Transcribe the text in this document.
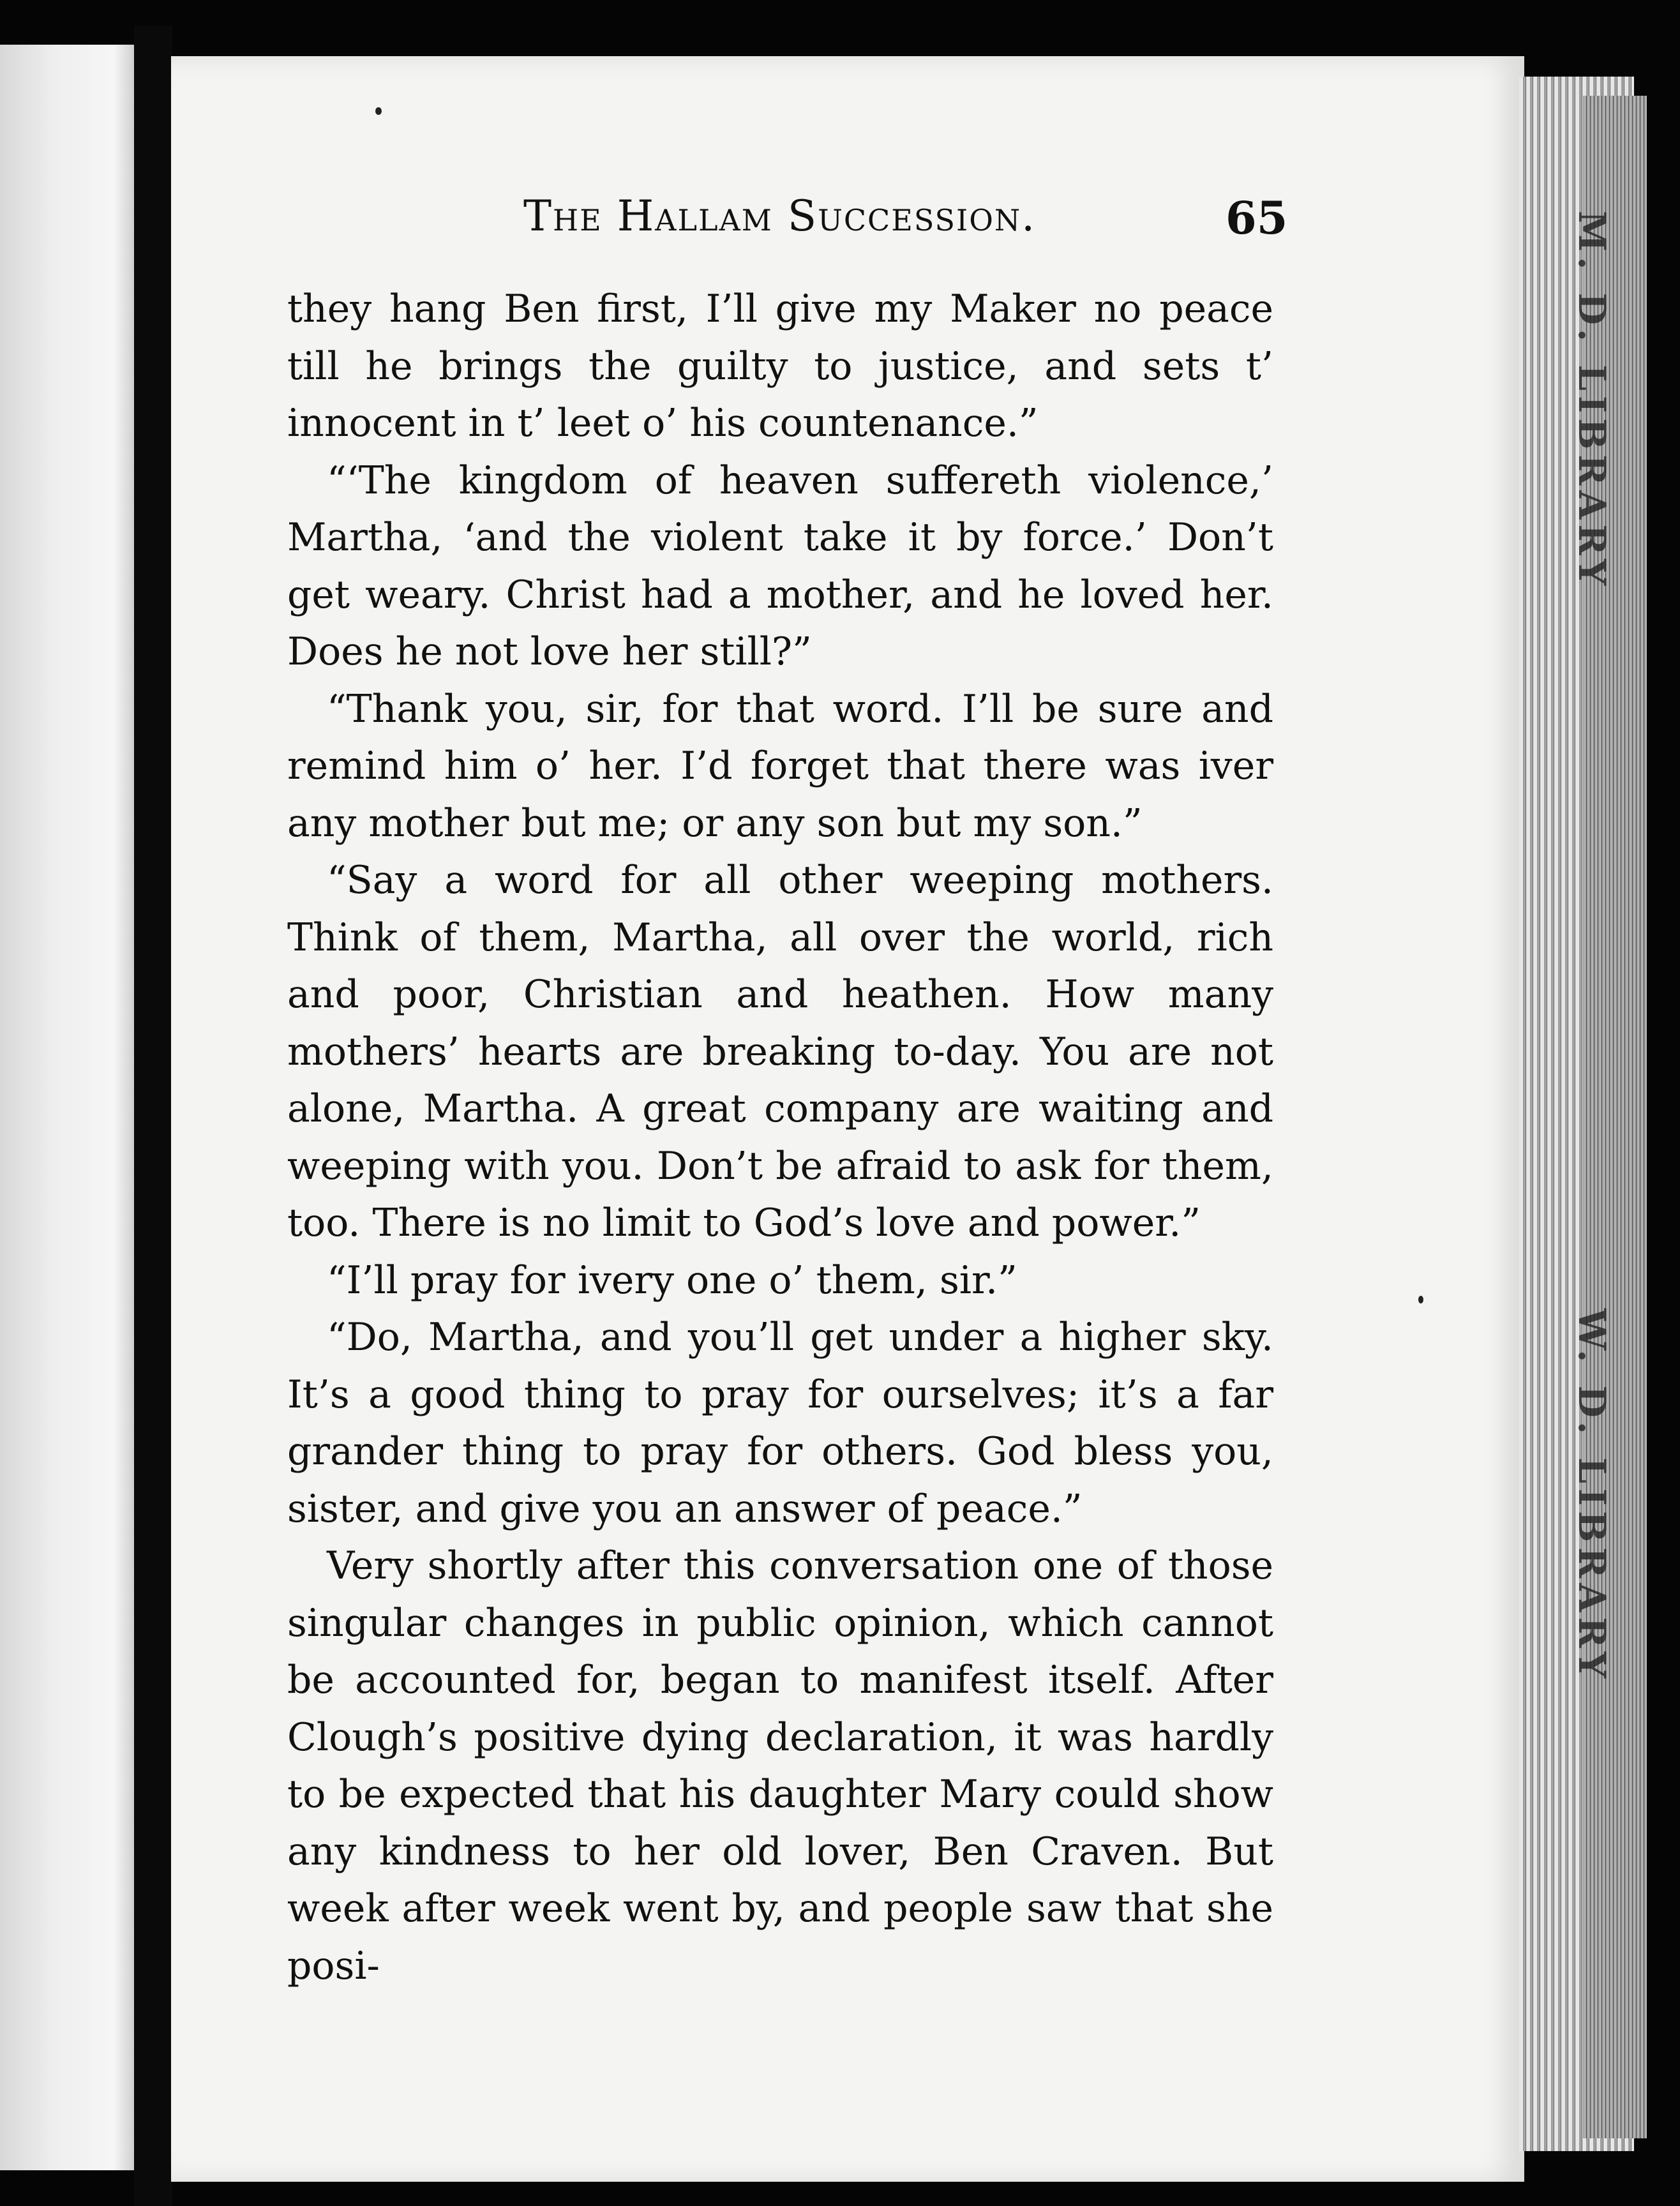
M. D. LIBRARY
W. D. LIBRARY
The Hallam Succession.	65

they hang Ben first, I’ll give my Maker no peace till he brings the guilty to justice, and sets t’ innocent in t’ leet o’ his countenance.”

“‘The kingdom of heaven suffereth violence,’ Martha, ‘and the violent take it by force.’ Don’t get weary. Christ had a mother, and he loved her. Does he not love her still?”

“Thank you, sir, for that word. I’ll be sure and remind him o’ her. I’d forget that there was iver any mother but me; or any son but my son.”

“Say a word for all other weeping mothers. Think of them, Martha, all over the world, rich and poor, Christian and heathen. How many mothers’ hearts are breaking to-day. You are not alone, Martha. A great company are waiting and weeping with you. Don’t be afraid to ask for them, too. There is no limit to God’s love and power.”

“I’ll pray for ivery one o’ them, sir.”

“Do, Martha, and you’ll get under a higher sky. It’s a good thing to pray for ourselves; it’s a far grander thing to pray for others. God bless you, sister, and give you an answer of peace.”

Very shortly after this conversation one of those singular changes in public opinion, which cannot be accounted for, began to manifest itself. After Clough’s positive dying declaration, it was hardly to be expected that his daughter Mary could show any kindness to her old lover, Ben Craven. But week after week went by, and people saw that she posi-
